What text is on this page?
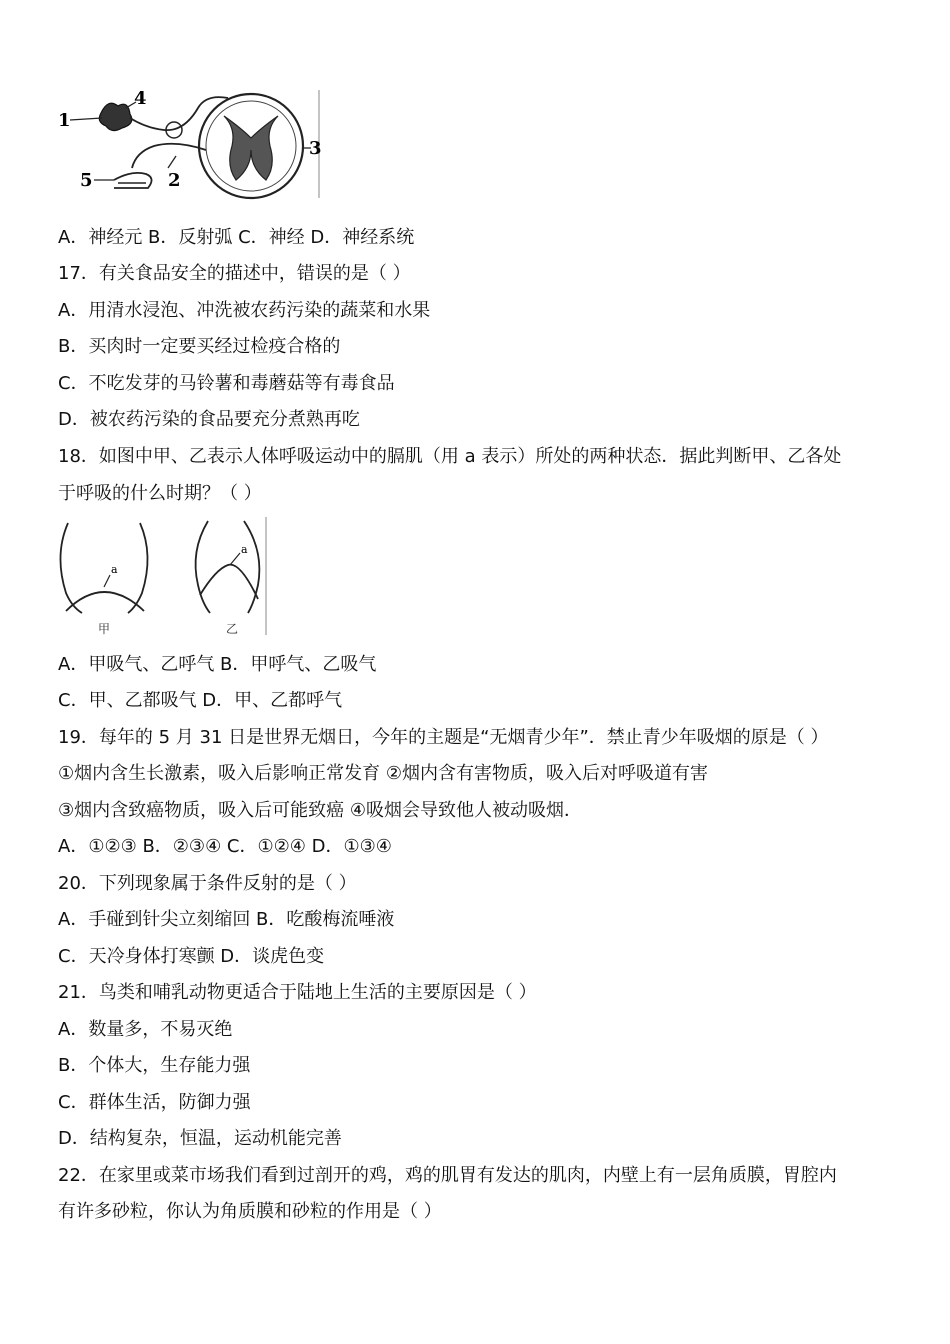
1
4
3
5	2
a
甲
a
乙
A．神经元 B．反射弧 C．神经 D．神经系统
17．有关食品安全的描述中，错误的是（ ）
A．用清水浸泡、冲洗被农药污染的蔬菜和水果
B．买肉时一定要买经过检疫合格的
C．不吃发芽的马铃薯和毒蘑菇等有毒食品
D．被农药污染的食品要充分煮熟再吃
18．如图中甲、乙表示人体呼吸运动中的膈肌（用 a 表示）所处的两种状态．据此判断甲、乙各处
于呼吸的什么时期？（ ）
A．甲吸气、乙呼气 B．甲呼气、乙吸气
C．甲、乙都吸气 D．甲、乙都呼气
19．每年的 5 月 31 日是世界无烟日，今年的主题是“无烟青少年”．禁止青少年吸烟的原是（ ）
①烟内含生长激素，吸入后影响正常发育 ②烟内含有害物质，吸入后对呼吸道有害
③烟内含致癌物质，吸入后可能致癌 ④吸烟会导致他人被动吸烟．
A．①②③ B．②③④ C．①②④ D．①③④
20．下列现象属于条件反射的是（ ）
A．手碰到针尖立刻缩回 B．吃酸梅流唾液
C．天冷身体打寒颤 D．谈虎色变
21．鸟类和哺乳动物更适合于陆地上生活的主要原因是（ ）
A．数量多，不易灭绝
B．个体大，生存能力强
C．群体生活，防御力强
D．结构复杂，恒温，运动机能完善
22．在家里或菜市场我们看到过剖开的鸡，鸡的肌胃有发达的肌肉，内壁上有一层角质膜，胃腔内
有许多砂粒，你认为角质膜和砂粒的作用是（ ）
